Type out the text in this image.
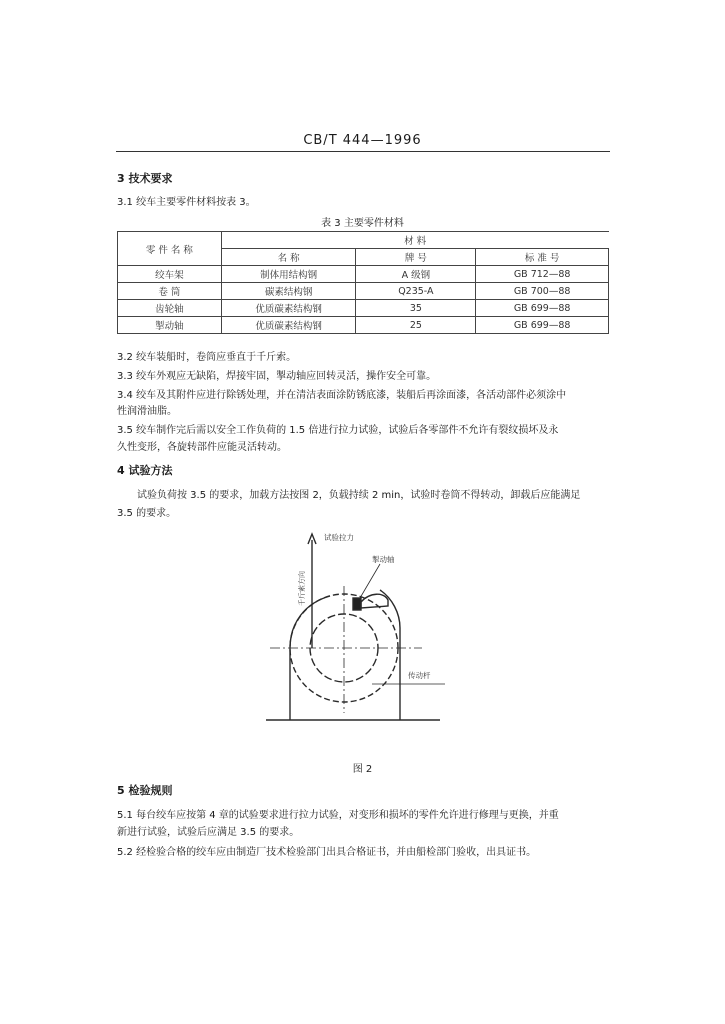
CB/T 444—1996
3 技术要求
3.1 绞车主要零件材料按表 3。
表 3 主要零件材料
零 件 名 称	材 料		
	名 称	牌 号	标 准 号
绞车架	制体用结构钢	A 级钢	GB 712—88
卷 筒	碳素结构钢	Q235-A	GB 700—88
齿轮轴	优质碳素结构钢	35	GB 699—88
掣动轴	优质碳素结构钢	25	GB 699—88
3.2 绞车装船时，卷筒应垂直于千斤索。
3.3 绞车外观应无缺陷，焊接牢固，掣动轴应回转灵活，操作安全可靠。
3.4 绞车及其附件应进行除锈处理，并在清洁表面涂防锈底漆，装船后再涂面漆，各活动部件必须涂中
性润滑油脂。
3.5 绞车制作完后需以安全工作负荷的 1.5 倍进行拉力试验，试验后各零部件不允许有裂纹损坏及永
久性变形，各旋转部件应能灵活转动。
4 试验方法
试验负荷按 3.5 的要求，加载方法按图 2，负载持续 2 min，试验时卷筒不得转动，卸载后应能满足
3.5 的要求。
试验拉力
掣动轴
传动杆
千斤索方向
图 2
5 检验规则
5.1 每台绞车应按第 4 章的试验要求进行拉力试验，对变形和损坏的零件允许进行修理与更换，并重
新进行试验，试验后应满足 3.5 的要求。
5.2 经检验合格的绞车应由制造厂技术检验部门出具合格证书，并由船检部门验收，出具证书。
